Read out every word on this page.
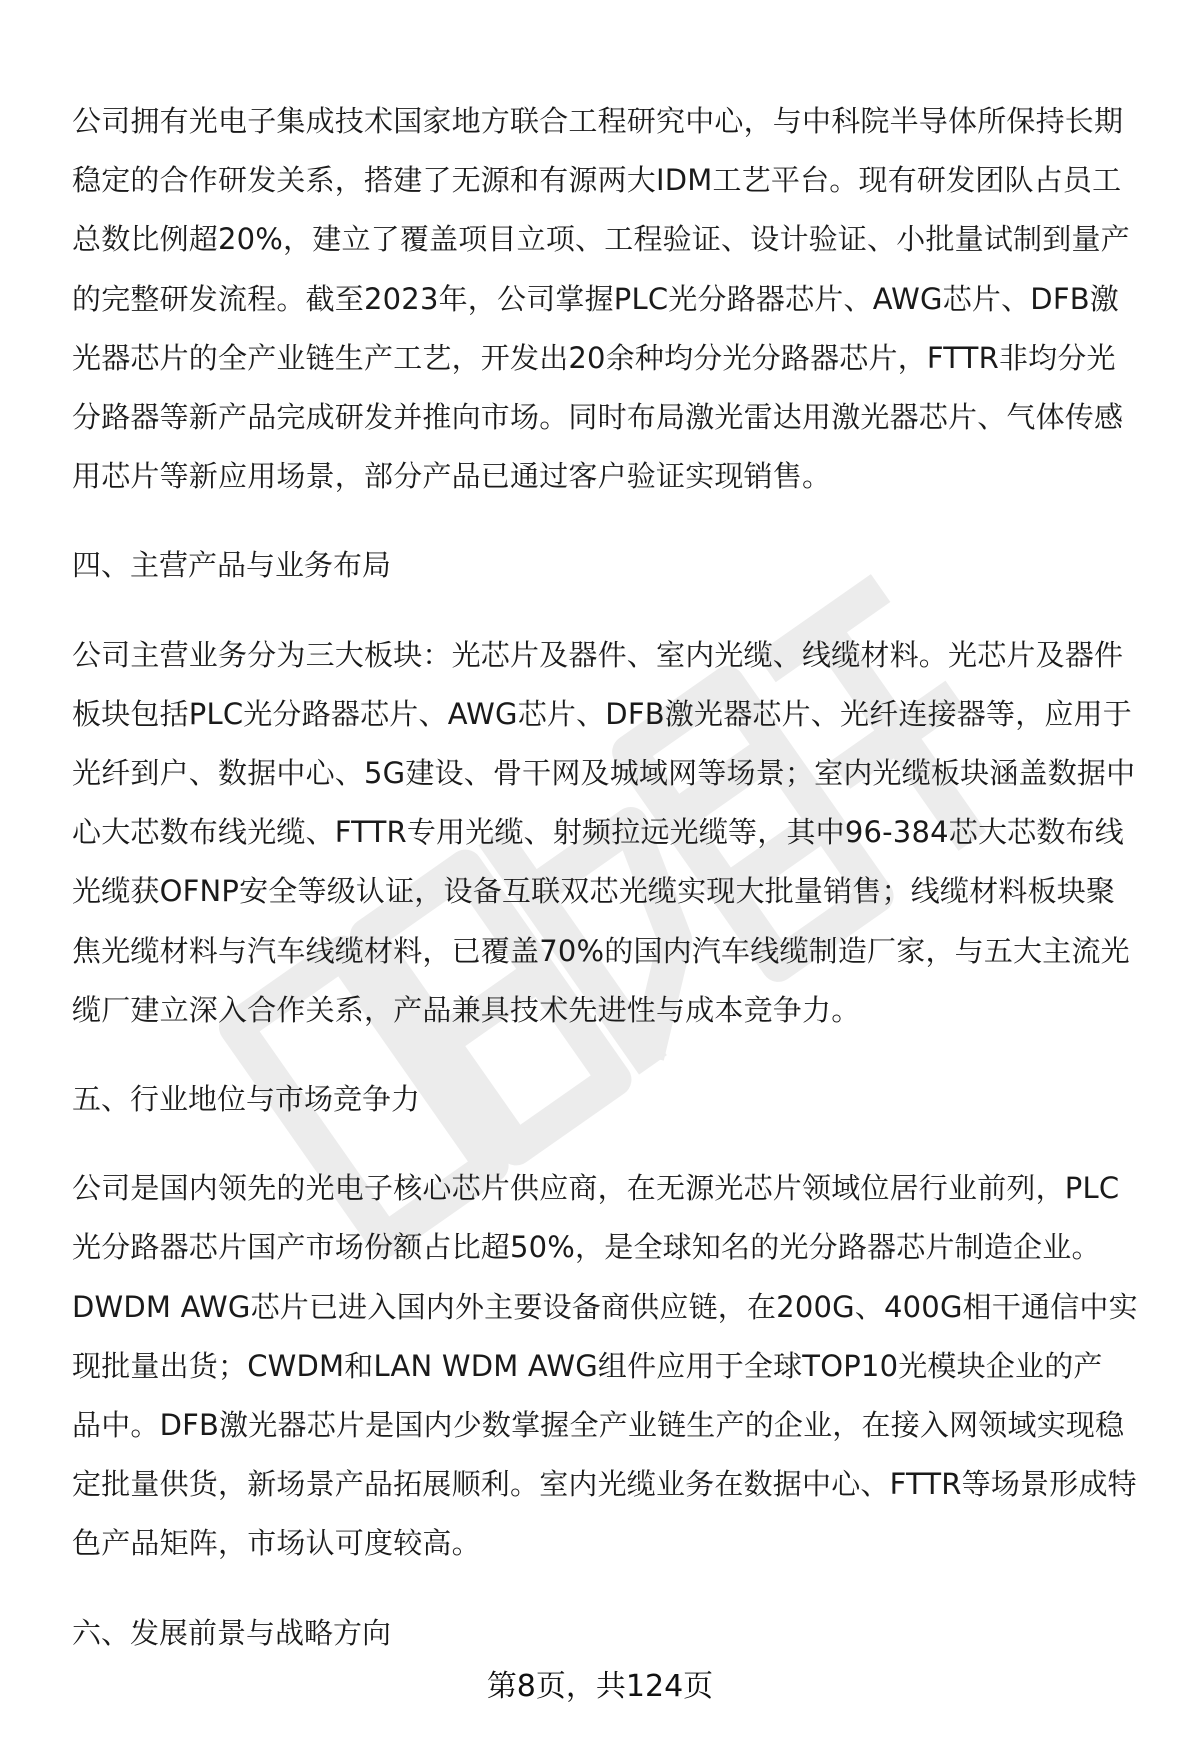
公司拥有光电子集成技术国家地方联合工程研究中心，与中科院半导体所保持长期
稳定的合作研发关系，搭建了无源和有源两大IDM工艺平台。现有研发团队占员工
总数比例超20%，建立了覆盖项目立项、工程验证、设计验证、小批量试制到量产
的完整研发流程。截至2023年，公司掌握PLC光分路器芯片、AWG芯片、DFB激
光器芯片的全产业链生产工艺，开发出20余种均分光分路器芯片，FTTR非均分光
分路器等新产品完成研发并推向市场。同时布局激光雷达用激光器芯片、气体传感
用芯片等新应用场景，部分产品已通过客户验证实现销售。
四、主营产品与业务布局
公司主营业务分为三大板块：光芯片及器件、室内光缆、线缆材料。光芯片及器件
板块包括PLC光分路器芯片、AWG芯片、DFB激光器芯片、光纤连接器等，应用于
光纤到户、数据中心、5G建设、骨干网及城域网等场景；室内光缆板块涵盖数据中
心大芯数布线光缆、FTTR专用光缆、射频拉远光缆等，其中96-384芯大芯数布线
光缆获OFNP安全等级认证，设备互联双芯光缆实现大批量销售；线缆材料板块聚
焦光缆材料与汽车线缆材料，已覆盖70%的国内汽车线缆制造厂家，与五大主流光
缆厂建立深入合作关系，产品兼具技术先进性与成本竞争力。
五、行业地位与市场竞争力
公司是国内领先的光电子核心芯片供应商，在无源光芯片领域位居行业前列，PLC
光分路器芯片国产市场份额占比超50%，是全球知名的光分路器芯片制造企业。
DWDM AWG芯片已进入国内外主要设备商供应链，在200G、400G相干通信中实
现批量出货；CWDM和LAN WDM AWG组件应用于全球TOP10光模块企业的产
品中。DFB激光器芯片是国内少数掌握全产业链生产的企业，在接入网领域实现稳
定批量供货，新场景产品拓展顺利。室内光缆业务在数据中心、FTTR等场景形成特
色产品矩阵，市场认可度较高。
六、发展前景与战略方向
第8页，共124页
